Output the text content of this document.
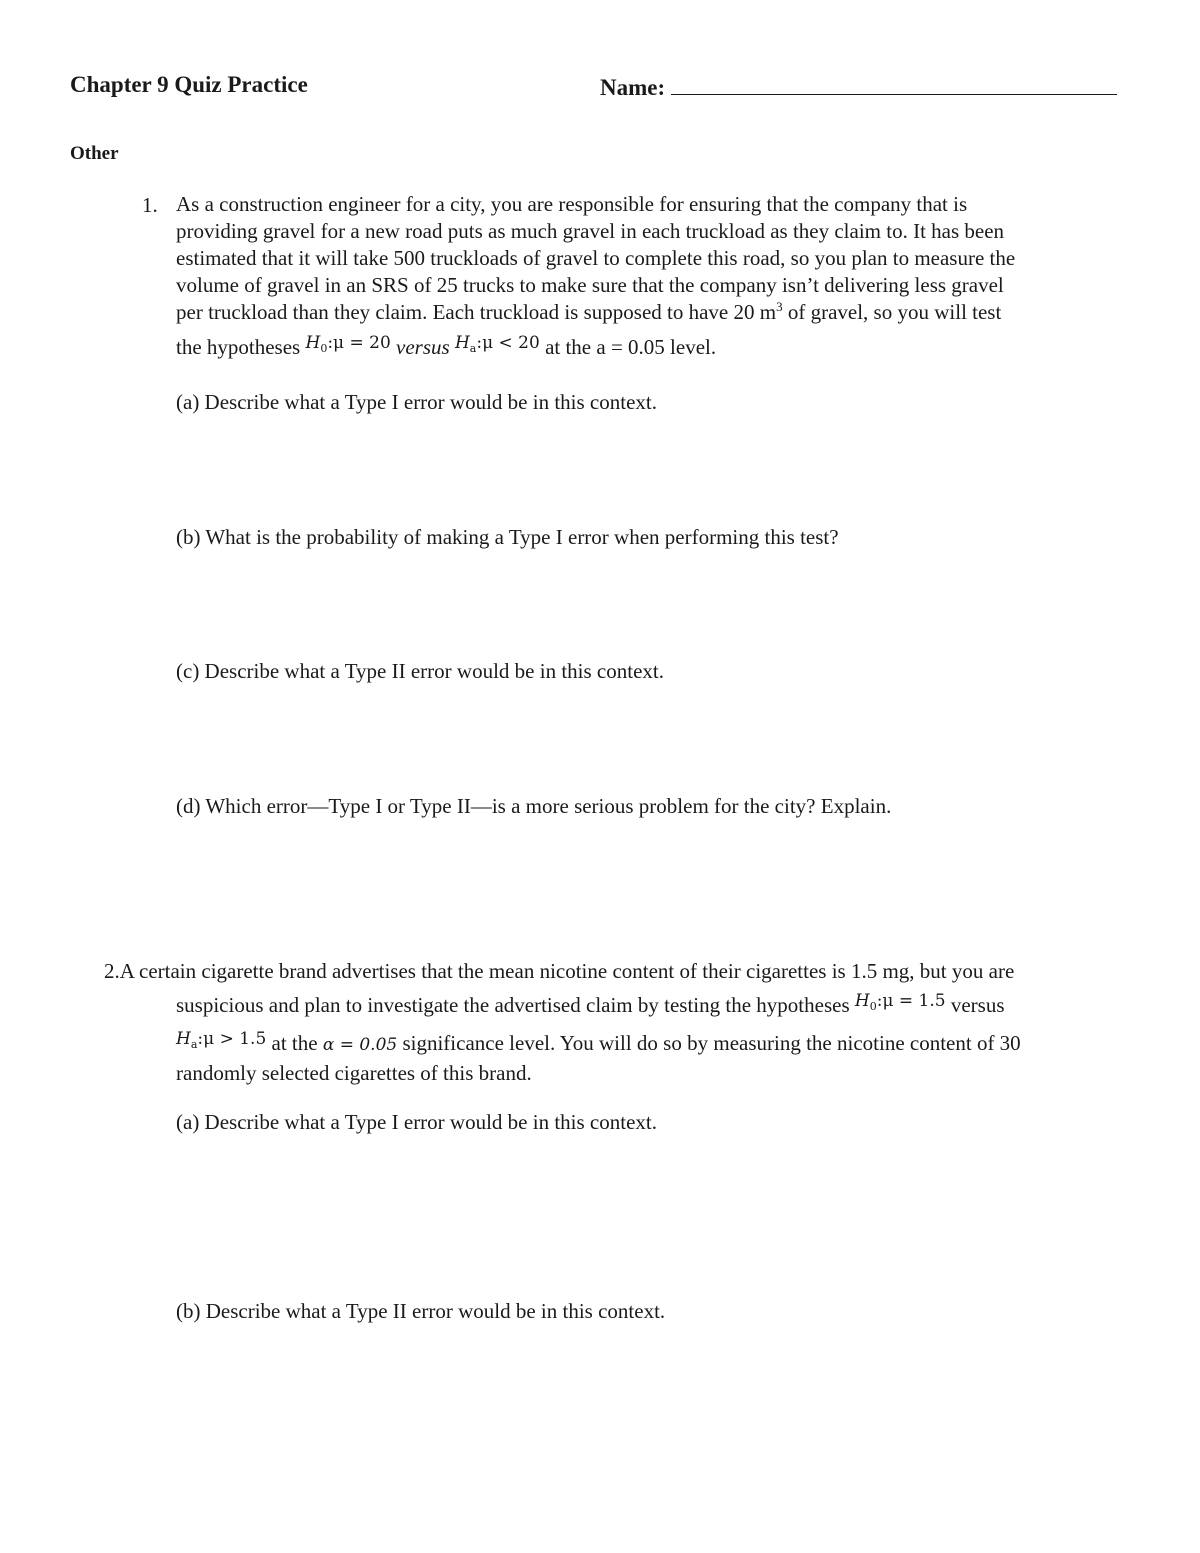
Chapter 9 Quiz Practice	Name:
Other
1. As a construction engineer for a city, you are responsible for ensuring that the company that is
providing gravel for a new road puts as much gravel in each truckload as they claim to. It has been
estimated that it will take 500 truckloads of gravel to complete this road, so you plan to measure the
volume of gravel in an SRS of 25 trucks to make sure that the company isn’t delivering less gravel
per truckload than they claim. Each truckload is supposed to have 20 $m^3$ of gravel, so you will test
the hypotheses $^{H_0:\mu = 20}$ versus $^{H_a:\mu < 20}$ at the a = 0.05 level.
(a) Describe what a Type I error would be in this context.
(b) What is the probability of making a Type I error when performing this test?
(c) Describe what a Type II error would be in this context.
(d) Which error—Type I or Type II—is a more serious problem for the city? Explain.
2.A certain cigarette brand advertises that the mean nicotine content of their cigarettes is 1.5 mg, but you are
suspicious and plan to investigate the advertised claim by testing the hypotheses $^{H_0:\mu = 1.5}$ versus
$^{H_a:\mu > 1.5}$ at the α = 0.05 significance level. You will do so by measuring the nicotine content of 30
randomly selected cigarettes of this brand.
(a) Describe what a Type I error would be in this context.
(b) Describe what a Type II error would be in this context.
